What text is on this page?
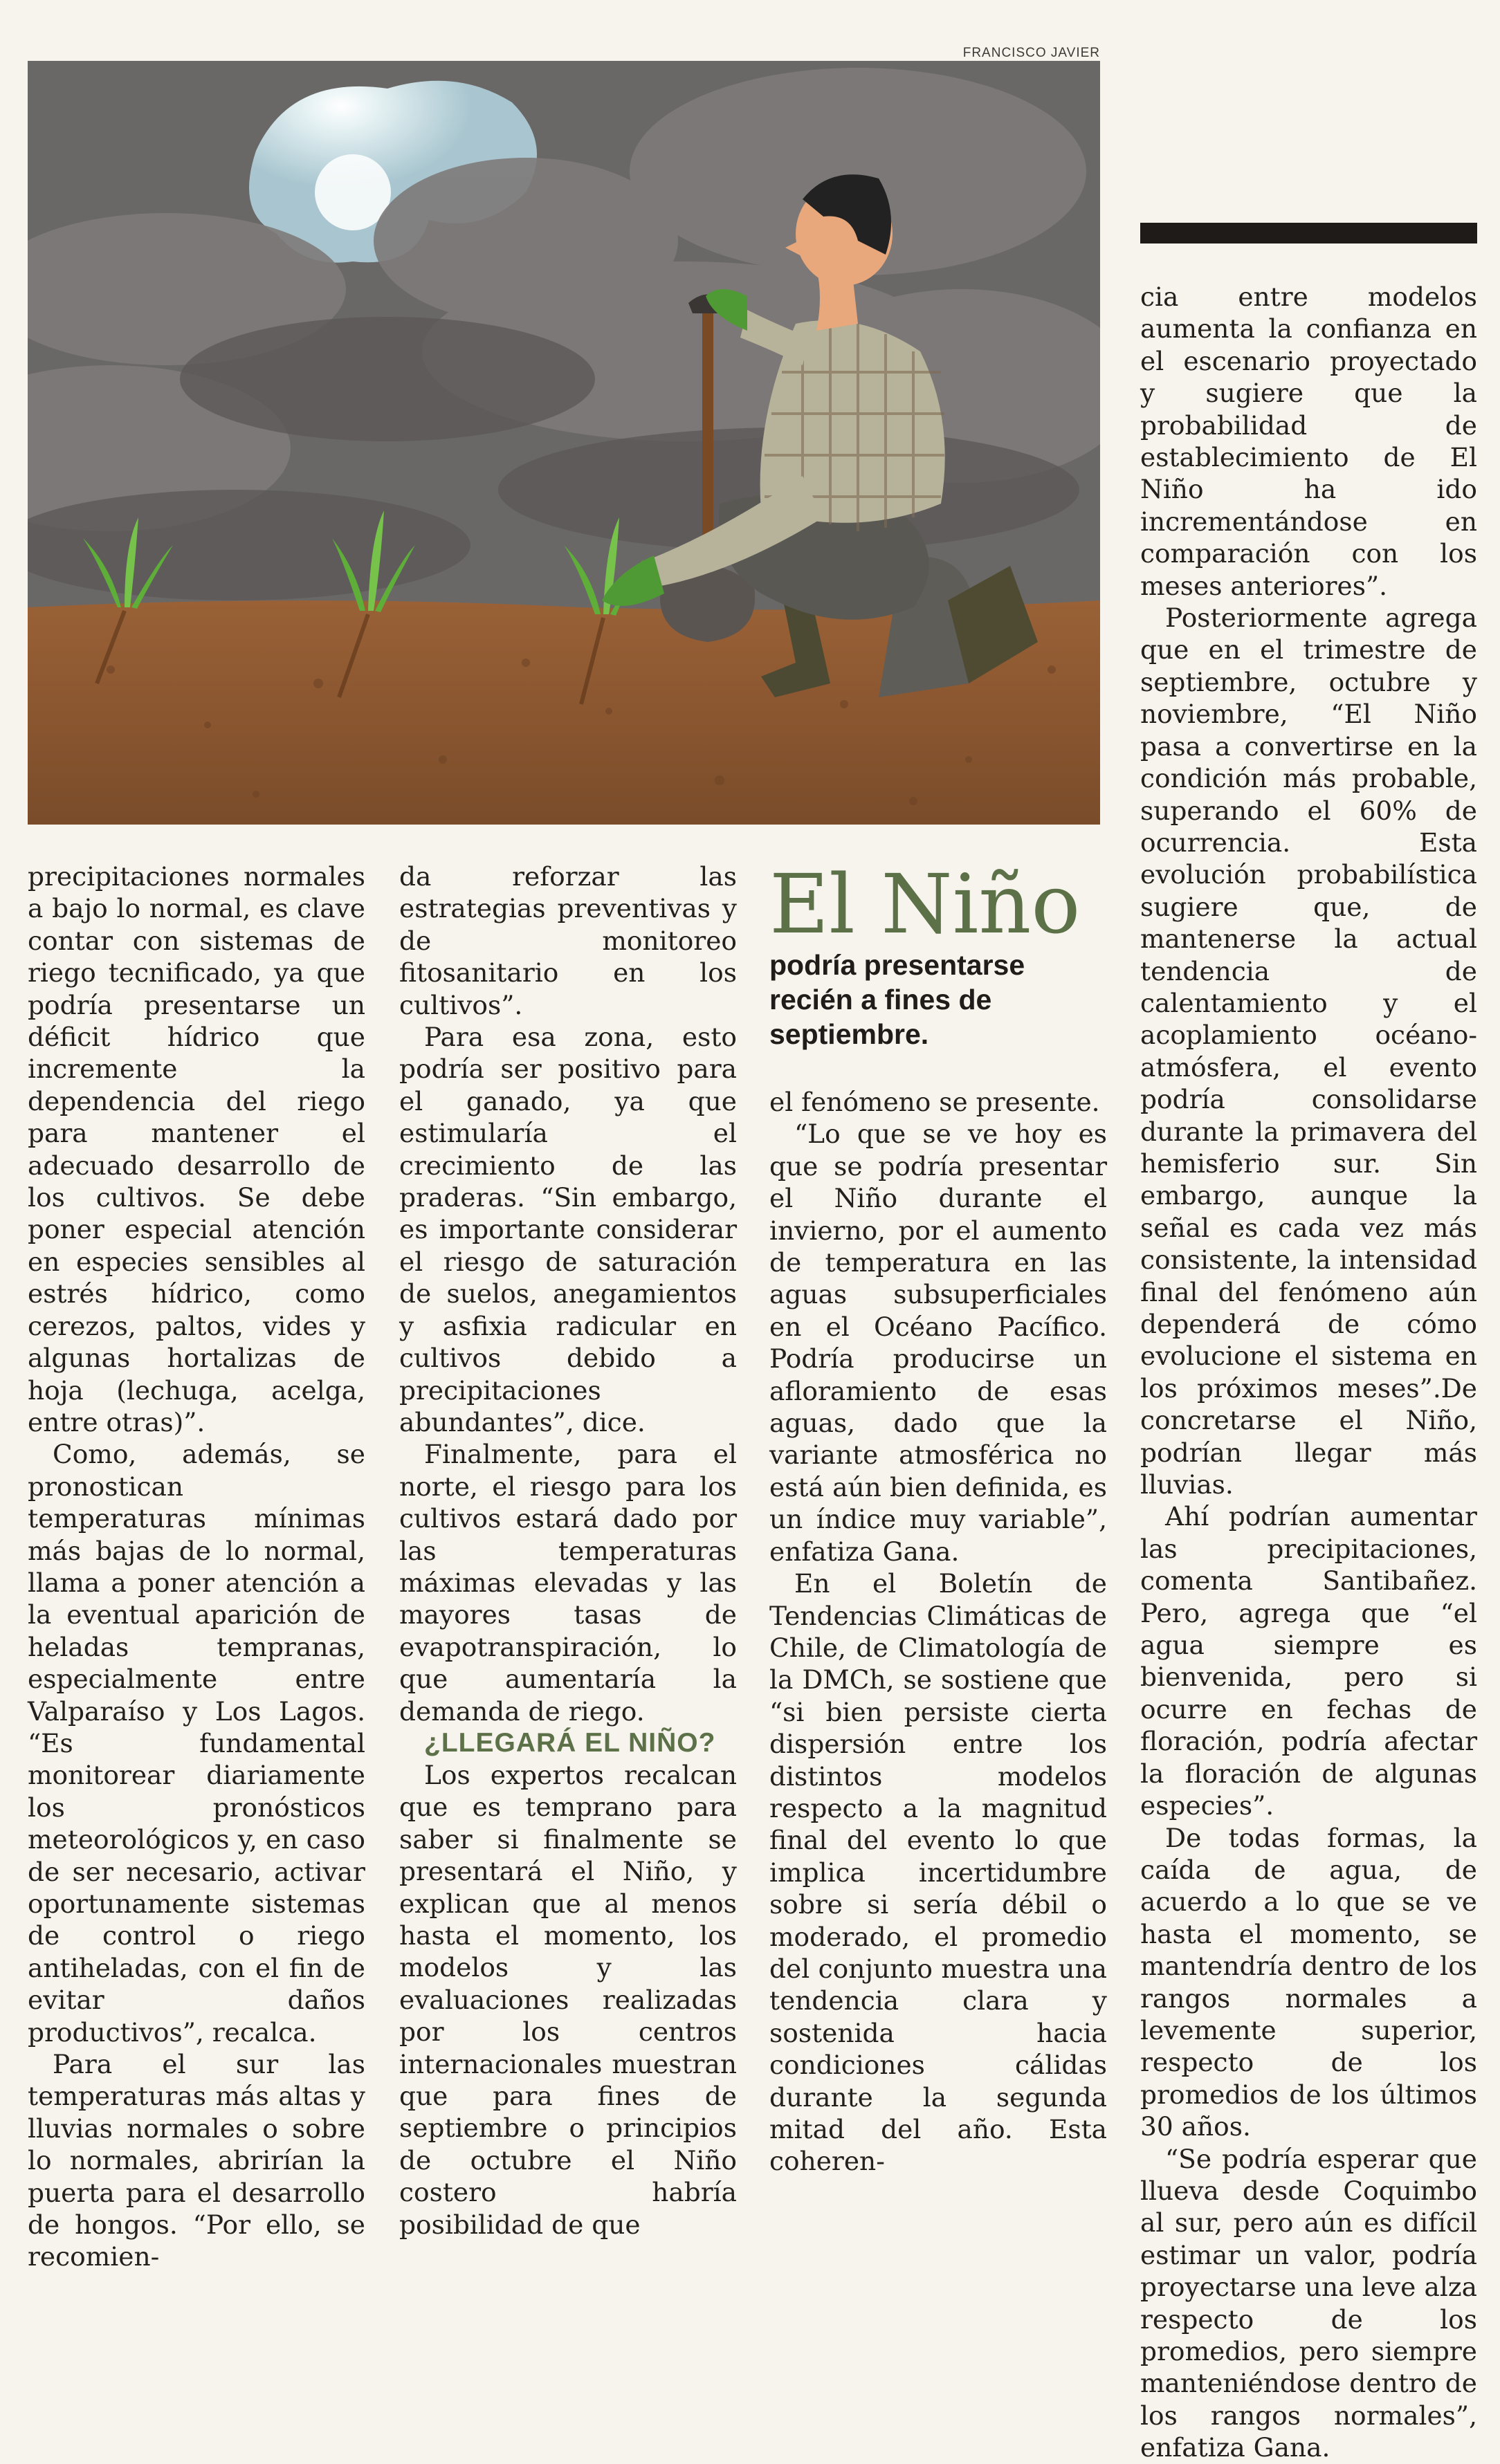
FRANCISCO JAVIER
El Niño
podría presentarse recién a fines de septiembre.

precipitaciones normales a bajo lo normal, es clave contar con sistemas de riego tecnificado, ya que podría presentarse un déficit hídrico que incremente la dependencia del riego para mantener el adecuado desarrollo de los cultivos. Se debe poner especial atención en especies sensibles al estrés hídrico, como cerezos, paltos, vides y algunas hortalizas de hoja (lechuga, acelga, entre otras)”.

Como, además, se pronostican temperaturas mínimas más bajas de lo normal, llama a poner atención a la eventual aparición de heladas tempranas, especialmente entre Valparaíso y Los Lagos. “Es fundamental monitorear diariamente los pronósticos meteorológicos y, en caso de ser necesario, activar oportunamente sistemas de control o riego antiheladas, con el fin de evitar daños productivos”, recalca.

Para el sur las temperaturas más altas y lluvias normales o sobre lo normales, abrirían la puerta para el desarrollo de hongos. “Por ello, se recomien-

da reforzar las estrategias preventivas y de monitoreo fitosanitario en los cultivos”.

Para esa zona, esto podría ser positivo para el ganado, ya que estimularía el crecimiento de las praderas. “Sin embargo, es importante considerar el riesgo de saturación de suelos, anegamientos y asfixia radicular en cultivos debido a precipitaciones abundantes”, dice.

Finalmente, para el norte, el riesgo para los cultivos estará dado por las temperaturas máximas elevadas y las mayores tasas de evapotranspiración, lo que aumentaría la demanda de riego.

¿LLEGARÁ EL NIÑO?

Los expertos recalcan que es temprano para saber si finalmente se presentará el Niño, y explican que al menos hasta el momento, los modelos y las evaluaciones realizadas por los centros internacionales muestran que para fines de septiembre o principios de octubre el Niño costero habría posibilidad de que

el fenómeno se presente.

“Lo que se ve hoy es que se podría presentar el Niño durante el invierno, por el aumento de temperatura en las aguas subsuperficiales en el Océano Pacífico. Podría producirse un afloramiento de esas aguas, dado que la variante atmosférica no está aún bien definida, es un índice muy variable”, enfatiza Gana.

En el Boletín de Tendencias Climáticas de Chile, de Climatología de la DMCh, se sostiene que “si bien persiste cierta dispersión entre los distintos modelos respecto a la magnitud final del evento lo que implica incertidumbre sobre si sería débil o moderado, el promedio del conjunto muestra una tendencia clara y sostenida hacia condiciones cálidas durante la segunda mitad del año. Esta coheren-

cia entre modelos aumenta la confianza en el escenario proyectado y sugiere que la probabilidad de establecimiento de El Niño ha ido incrementándose en comparación con los meses anteriores”.

Posteriormente agrega que en el trimestre de septiembre, octubre y noviembre, “El Niño pasa a convertirse en la condición más probable, superando el 60% de ocurrencia. Esta evolución probabilística sugiere que, de mantenerse la actual tendencia de calentamiento y el acoplamiento océano-atmósfera, el evento podría consolidarse durante la primavera del hemisferio sur. Sin embargo, aunque la señal es cada vez más consistente, la intensidad final del fenómeno aún dependerá de cómo evolucione el sistema en los próximos meses”.De concretarse el Niño, podrían llegar más lluvias.

Ahí podrían aumentar las precipitaciones, comenta Santibañez. Pero, agrega que “el agua siempre es bienvenida, pero si ocurre en fechas de floración, podría afectar la floración de algunas especies”.

De todas formas, la caída de agua, de acuerdo a lo que se ve hasta el momento, se mantendría dentro de los rangos normales a levemente superior, respecto de los promedios de los últimos 30 años.

“Se podría esperar que llueva desde Coquimbo al sur, pero aún es difícil estimar un valor, podría proyectarse una leve alza respecto de los promedios, pero siempre manteniéndose dentro de los rangos normales”, enfatiza Gana.
